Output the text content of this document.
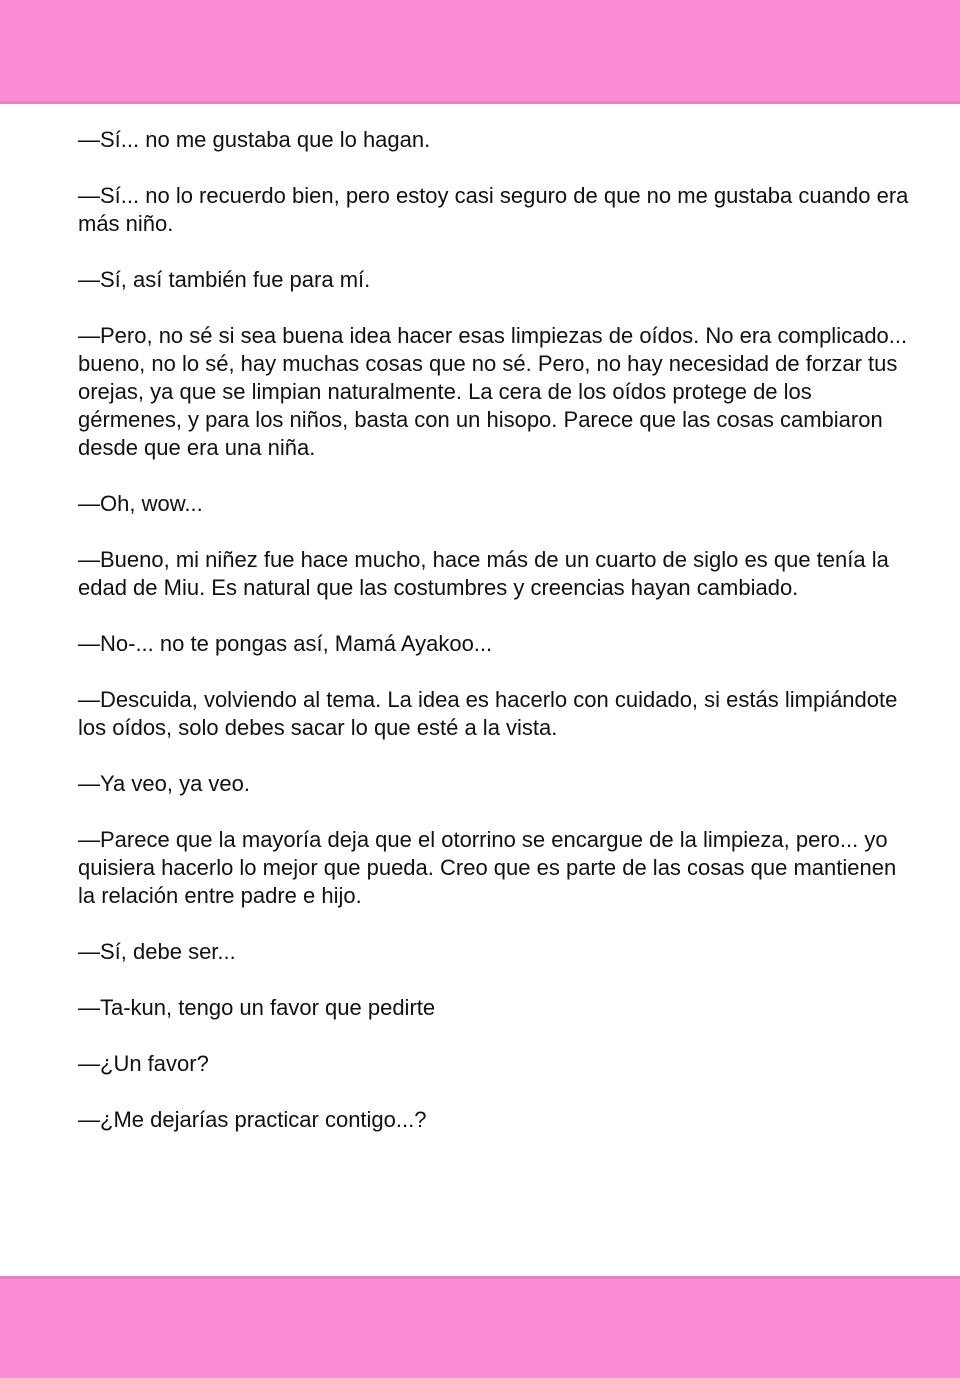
—Sí... no me gustaba que lo hagan.

—Sí... no lo recuerdo bien, pero estoy casi seguro de que no me gustaba cuando era más niño.

—Sí, así también fue para mí.

—Pero, no sé si sea buena idea hacer esas limpiezas de oídos. No era complicado... bueno, no lo sé, hay muchas cosas que no sé. Pero, no hay necesidad de forzar tus orejas, ya que se limpian naturalmente. La cera de los oídos protege de los gérmenes, y para los niños, basta con un hisopo. Parece que las cosas cambiaron desde que era una niña.

—Oh, wow...

—Bueno, mi niñez fue hace mucho, hace más de un cuarto de siglo es que tenía la edad de Miu. Es natural que las costumbres y creencias hayan cambiado.

—No-... no te pongas así, Mamá Ayakoo...

—Descuida, volviendo al tema. La idea es hacerlo con cuidado, si estás limpiándote los oídos, solo debes sacar lo que esté a la vista.

—Ya veo, ya veo.

—Parece que la mayoría deja que el otorrino se encargue de la limpieza, pero... yo quisiera hacerlo lo mejor que pueda. Creo que es parte de las cosas que mantienen la relación entre padre e hijo.

—Sí, debe ser...

—Ta-kun, tengo un favor que pedirte

—¿Un favor?

—¿Me dejarías practicar contigo...?
